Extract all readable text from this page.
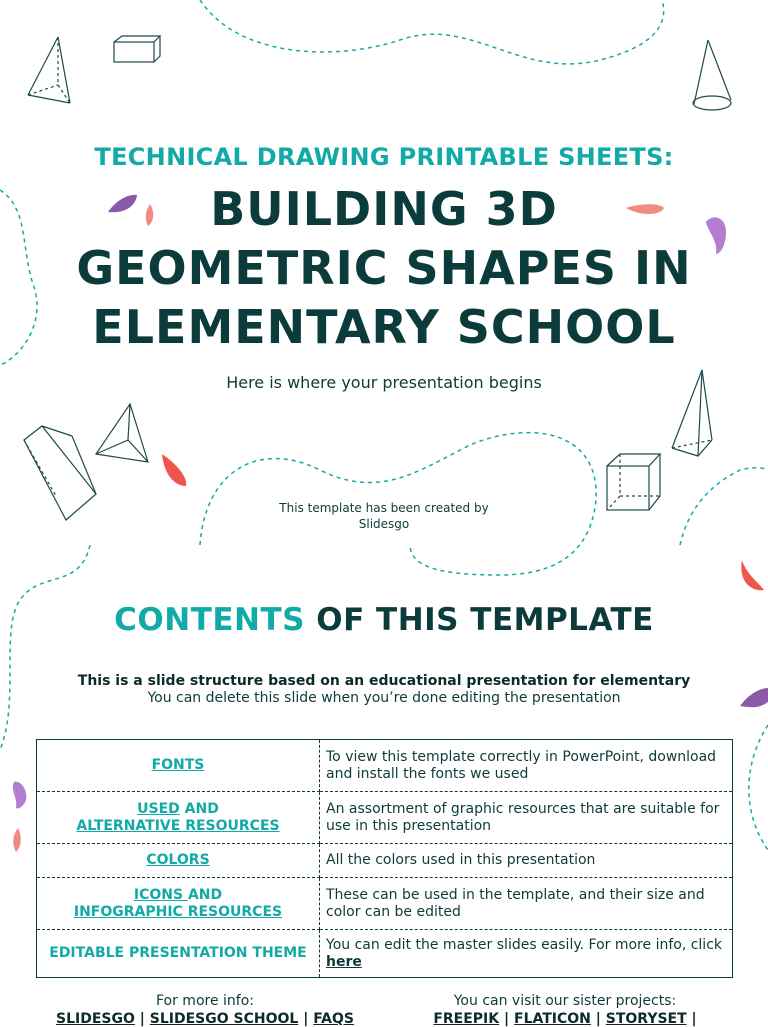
TECHNICAL DRAWING PRINTABLE SHEETS:
BUILDING 3D
GEOMETRIC SHAPES IN
ELEMENTARY SCHOOL
Here is where your presentation begins
This template has been created by Slidesgo
CONTENTS OF THIS TEMPLATE
This is a slide structure based on an educational presentation for elementary
You can delete this slide when you’re done editing the presentation
FONTS	To view this template correctly in PowerPoint, download and install the fonts we used
USED AND
ALTERNATIVE RESOURCES	An assortment of graphic resources that are suitable for use in this presentation
COLORS	All the colors used in this presentation
ICONS AND
INFOGRAPHIC RESOURCES	These can be used in the template, and their size and color can be edited
EDITABLE PRESENTATION THEME	You can edit the master slides easily. For more info, click here
For more info:
SLIDESGO | SLIDESGO SCHOOL | FAQS
You can visit our sister projects:
FREEPIK | FLATICON | STORYSET |
